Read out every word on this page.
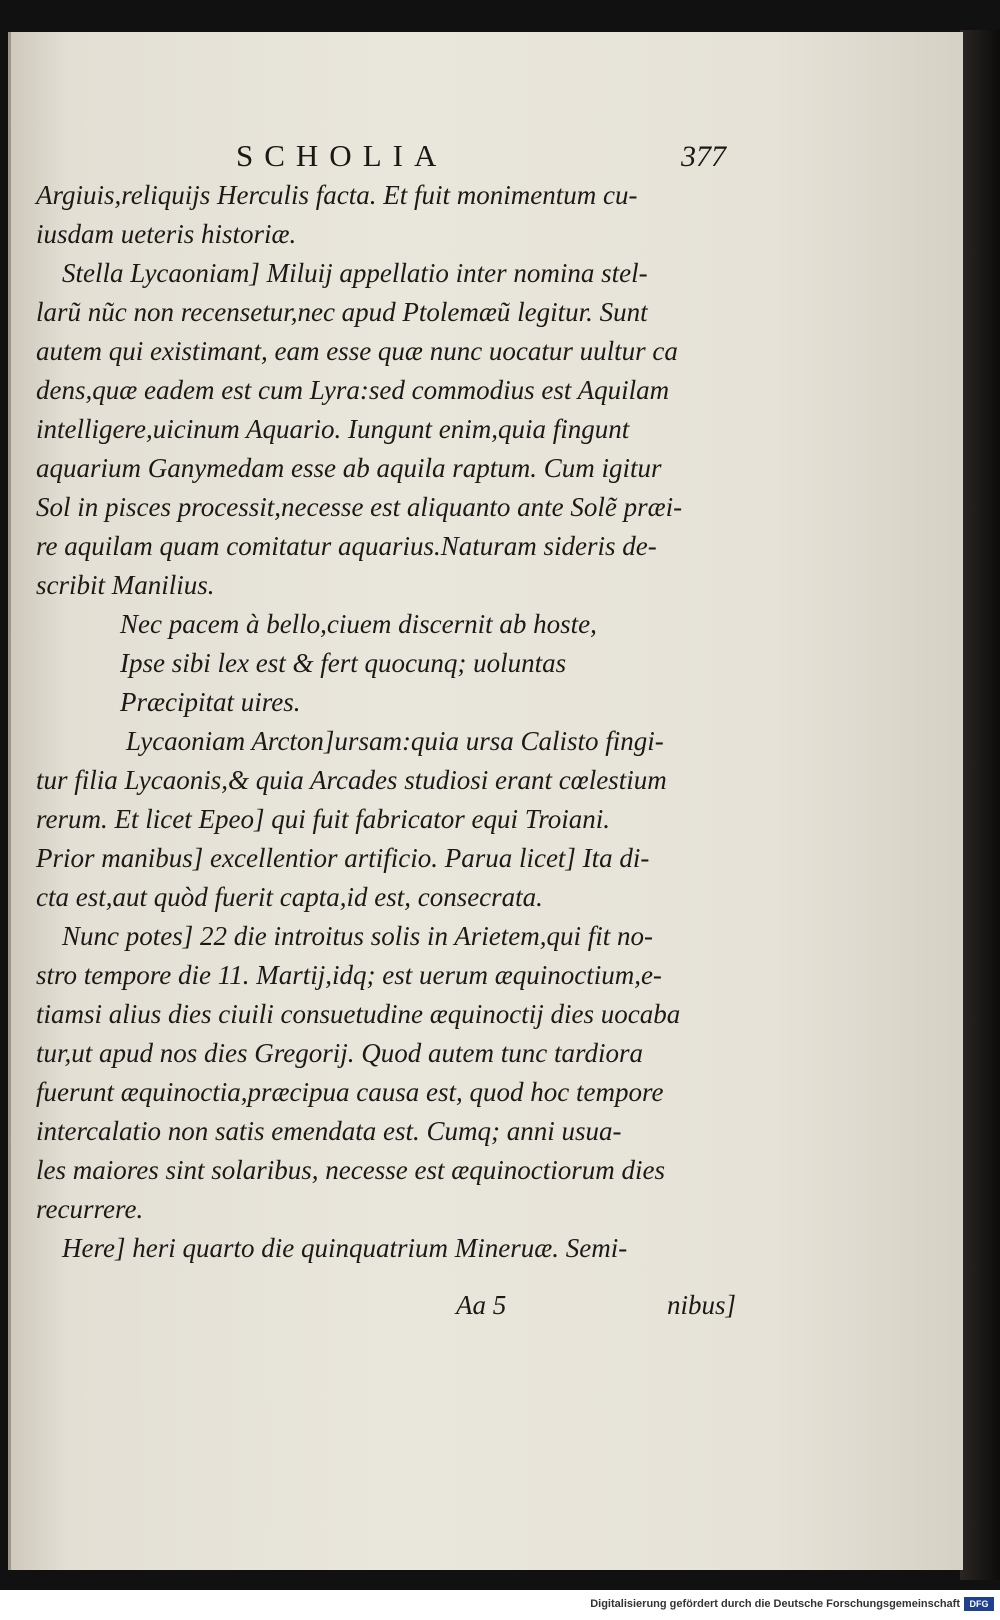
SCHOLIA	377
Argiuis,reliquijs Herculis facta. Et fuit monimentum cu-
iusdam ueteris historiæ.
Stella Lycaoniam] Miluij appellatio inter nomina stel-
larũ nũc non recensetur,nec apud Ptolemæũ legitur. Sunt
autem qui existimant, eam esse quæ nunc uocatur uultur ca
dens,quæ eadem est cum Lyra:sed commodius est Aquilam
intelligere,uicinum Aquario. Iungunt enim,quia fingunt
aquarium Ganymedam esse ab aquila raptum. Cum igitur
Sol in pisces processit,necesse est aliquanto ante Solẽ præi-
re aquilam quam comitatur aquarius.Naturam sideris de-
scribit Manilius.
Nec pacem à bello,ciuem discernit ab hoste,
Ipse sibi lex est & fert quocunq; uoluntas
Præcipitat uires.
Lycaoniam Arcton]ursam:quia ursa Calisto fingi-
tur filia Lycaonis,& quia Arcades studiosi erant cœlestium
rerum. Et licet Epeo] qui fuit fabricator equi Troiani.
Prior manibus] excellentior artificio. Parua licet] Ita di-
cta est,aut quòd fuerit capta,id est, consecrata.
Nunc potes] 22 die introitus solis in Arietem,qui fit no-
stro tempore die 11. Martij,idq; est uerum æquinoctium,e-
tiamsi alius dies ciuili consuetudine æquinoctij dies uocaba
tur,ut apud nos dies Gregorij. Quod autem tunc tardiora
fuerunt æquinoctia,præcipua causa est, quod hoc tempore
intercalatio non satis emendata est. Cumq; anni usua-
les maiores sint solaribus, necesse est æquinoctiorum dies
recurrere.
Here] heri quarto die quinquatrium Mineruæ. Semi-
Aa 5	nibus]
Digitalisierung gefördert durch die Deutsche Forschungsgemeinschaft	DFG
